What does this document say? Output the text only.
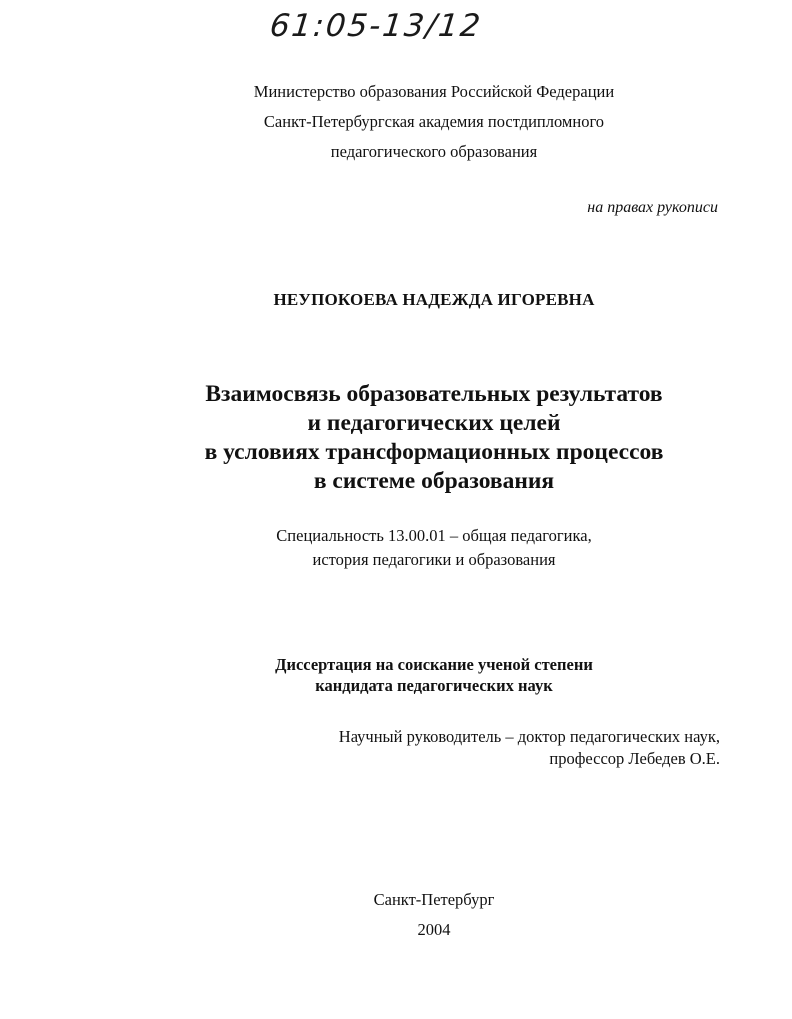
61:05-13/12
Министерство образования Российской Федерации
Санкт-Петербургская академия постдипломного
педагогического образования
на правах рукописи
НЕУПОКОЕВА НАДЕЖДА ИГОРЕВНА
Взаимосвязь образовательных результатов
и педагогических целей
в условиях трансформационных процессов
в системе образования
Специальность 13.00.01 – общая педагогика,
история педагогики и образования
Диссертация на соискание ученой степени
кандидата педагогических наук
Научный руководитель – доктор педагогических наук,
профессор Лебедев О.Е.
Санкт-Петербург
2004
